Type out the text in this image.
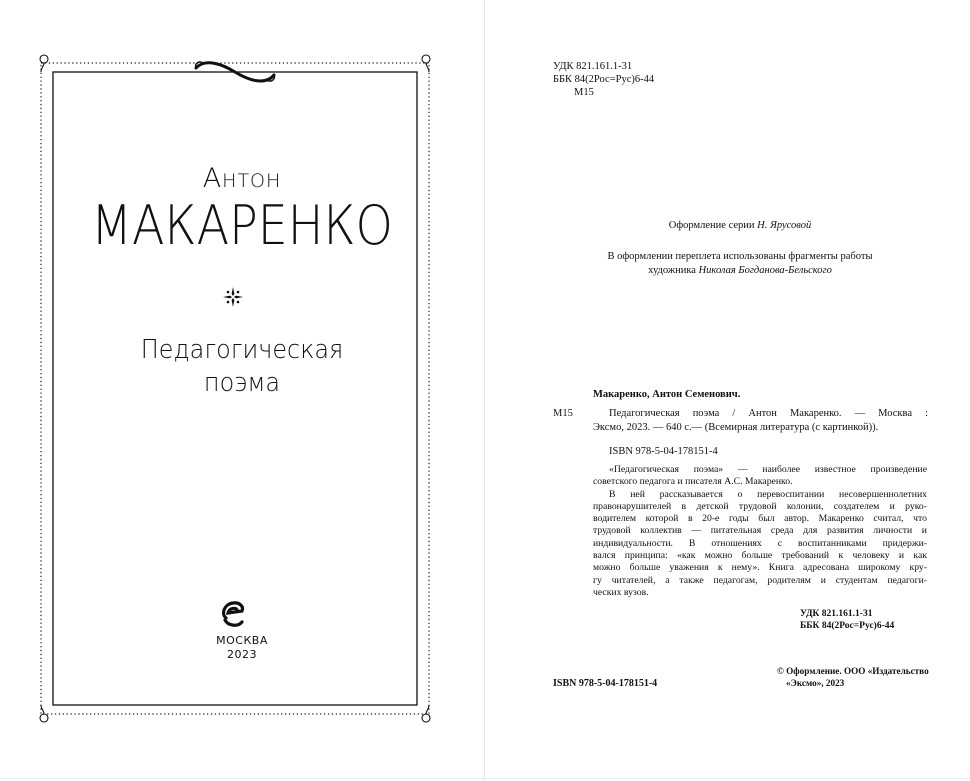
Антон
МАКАРЕНКО
Педагогическая
поэма
МОСКВА
2023
УДК 821.161.1-31
ББК 84(2Рос=Рус)6-44
М15
Оформление серии Н. Ярусовой
В оформлении переплета использованы фрагменты работы
художника Николая Богданова-Бельского
Макаренко, Антон Семенович.
М15	Педагогическая поэма / Антон Макаренко. — Москва :
Эксмо, 2023. — 640 с.— (Всемирная литература (с картинкой)).
ISBN 978-5-04-178151-4
«Педагогическая поэма» — наиболее известное произведение
советского педагога и писателя А.С. Макаренко.
В ней рассказывается о перевоспитании несовершеннолетних
правонарушителей в детской трудовой колонии, создателем и руко-
водителем которой в 20-е годы был автор. Макаренко считал, что
трудовой коллектив — питательная среда для развития личности и
индивидуальности. В отношениях с воспитанниками придержи-
вался принципа: «как можно больше требований к человеку и как
можно больше уважения к нему». Книга адресована широкому кру-
гу читателей, а также педагогам, родителям и студентам педагоги-
ческих вузов.
УДК 821.161.1-31
ББК 84(2Рос=Рус)6-44
ISBN 978-5-04-178151-4
© Оформление. ООО «Издательство
«Эксмо», 2023
